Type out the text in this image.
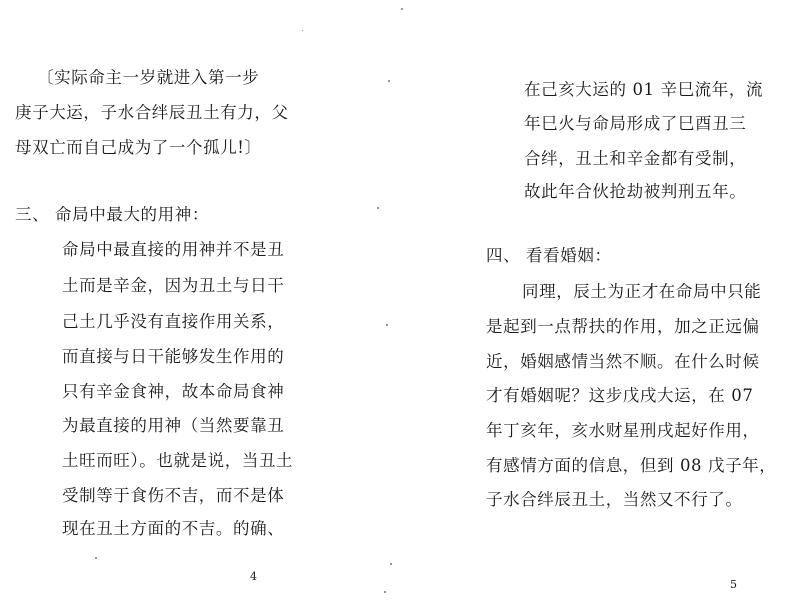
〔实际命主一岁就进入第一步
庚子大运，子水合绊辰丑土有力，父
母双亡而自己成为了一个孤儿!〕
三、 命局中最大的用神：
命局中最直接的用神并不是丑
土而是辛金，因为丑土与日干
己土几乎没有直接作用关系，
而直接与日干能够发生作用的
只有辛金食神，故本命局食神
为最直接的用神（当然要靠丑
土旺而旺）。也就是说，当丑土
受制等于食伤不吉，而不是体
现在丑土方面的不吉。的确、
4
在己亥大运的 01 辛巳流年，流
年巳火与命局形成了巳酉丑三
合绊，丑土和辛金都有受制，
故此年合伙抢劫被判刑五年。
四、 看看婚姻：
同理，辰土为正才在命局中只能
是起到一点帮扶的作用，加之正远偏
近，婚姻感情当然不顺。在什么时候
才有婚姻呢？这步戊戌大运，在 07
年丁亥年，亥水财星刑戌起好作用，
有感情方面的信息，但到 08 戊子年，
子水合绊辰丑土，当然又不行了。
5
